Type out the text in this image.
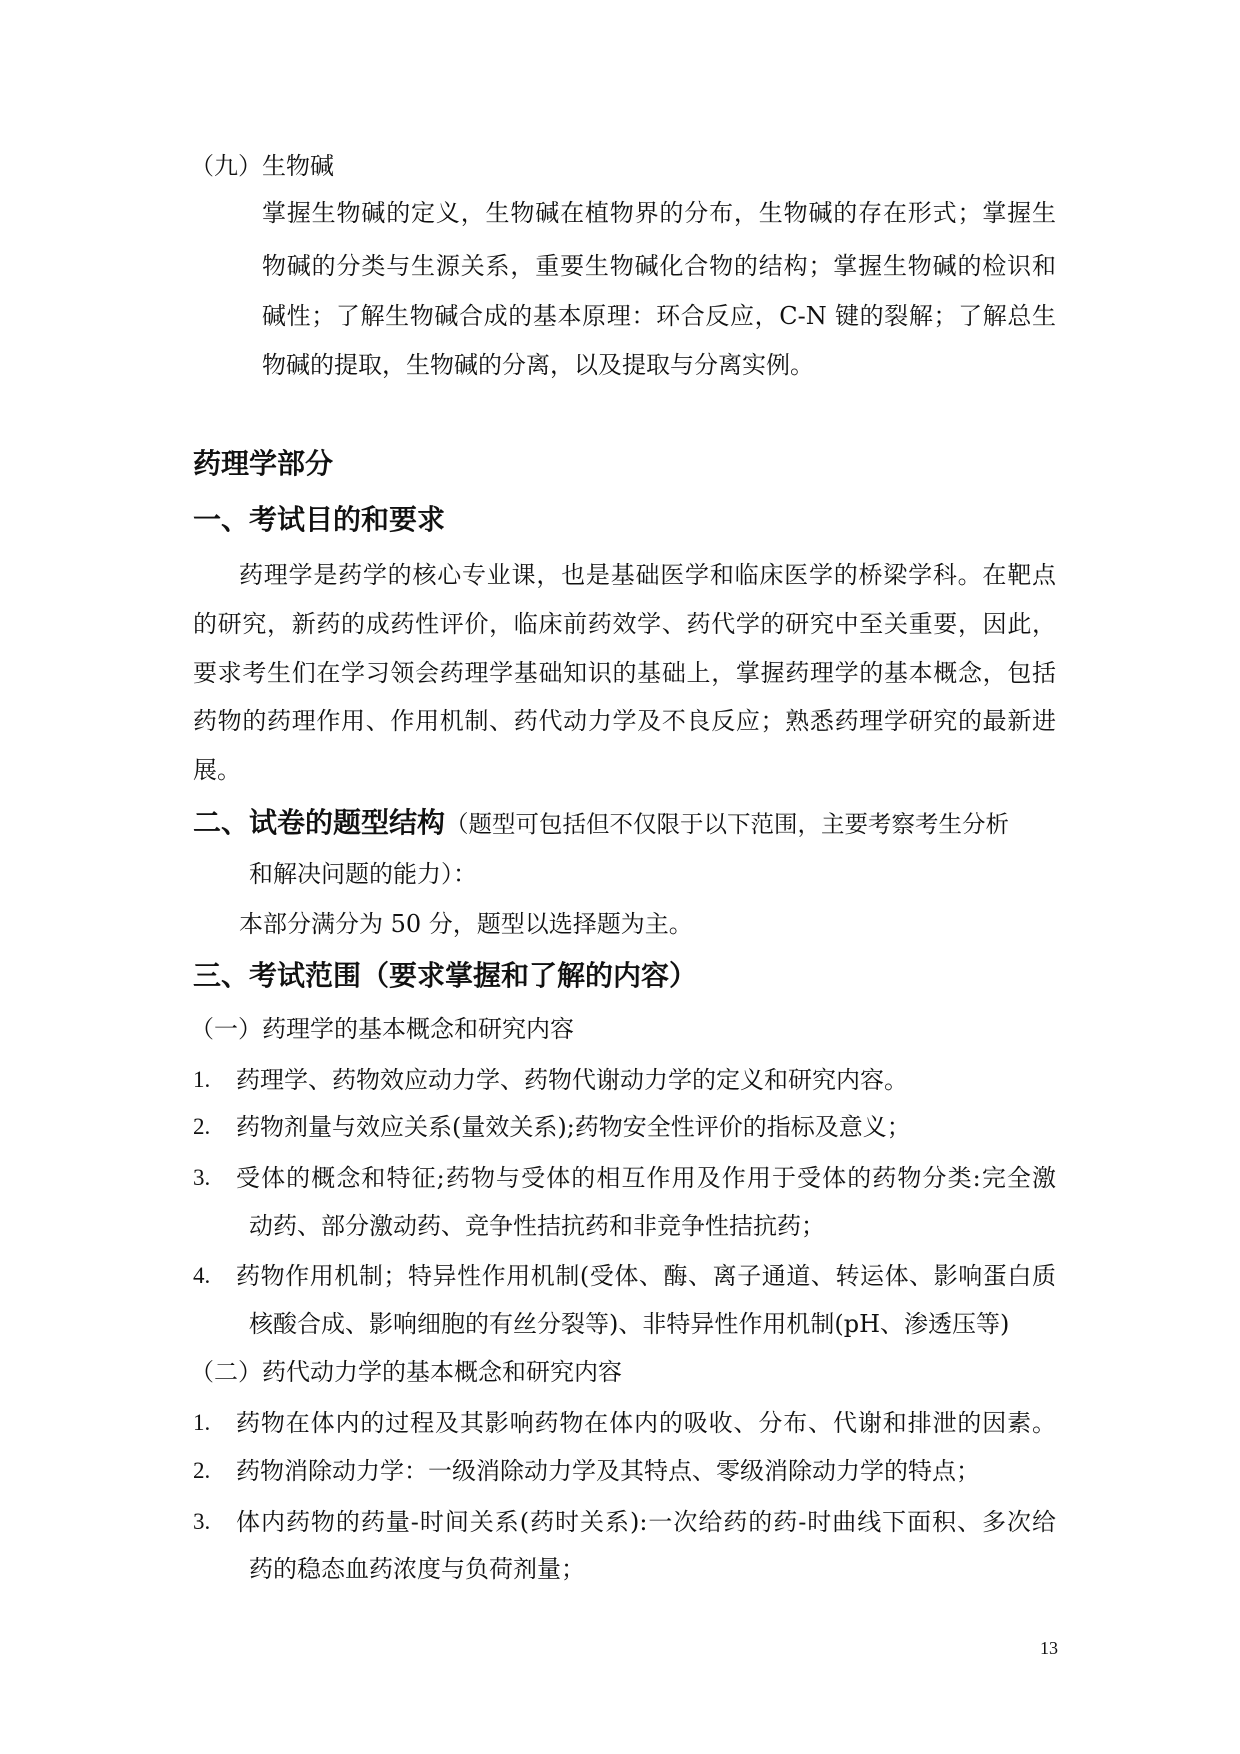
（九）生物碱
掌握生物碱的定义，生物碱在植物界的分布，生物碱的存在形式；掌握生
物碱的分类与生源关系，重要生物碱化合物的结构；掌握生物碱的检识和
碱性；了解生物碱合成的基本原理：环合反应，C-N 键的裂解；了解总生
物碱的提取，生物碱的分离，以及提取与分离实例。
药理学部分
一、考试目的和要求
药理学是药学的核心专业课，也是基础医学和临床医学的桥梁学科。在靶点
的研究，新药的成药性评价，临床前药效学、药代学的研究中至关重要，因此，
要求考生们在学习领会药理学基础知识的基础上，掌握药理学的基本概念，包括
药物的药理作用、作用机制、药代动力学及不良反应；熟悉药理学研究的最新进
展。
二、试卷的题型结构（题型可包括但不仅限于以下范围，主要考察考生分析
和解决问题的能力）：
本部分满分为 50 分，题型以选择题为主。
三、考试范围（要求掌握和了解的内容）
（一）药理学的基本概念和研究内容
1. 药理学、药物效应动力学、药物代谢动力学的定义和研究内容。
2. 药物剂量与效应关系(量效关系);药物安全性评价的指标及意义；
3. 受体的概念和特征;药物与受体的相互作用及作用于受体的药物分类:完全激
动药、部分激动药、竞争性拮抗药和非竞争性拮抗药；
4. 药物作用机制；特异性作用机制(受体、酶、离子通道、转运体、影响蛋白质
核酸合成、影响细胞的有丝分裂等)、非特异性作用机制(pH、渗透压等)
（二）药代动力学的基本概念和研究内容
1. 药物在体内的过程及其影响药物在体内的吸收、分布、代谢和排泄的因素。
2. 药物消除动力学：一级消除动力学及其特点、零级消除动力学的特点；
3. 体内药物的药量-时间关系(药时关系):一次给药的药-时曲线下面积、多次给
药的稳态血药浓度与负荷剂量；
13
